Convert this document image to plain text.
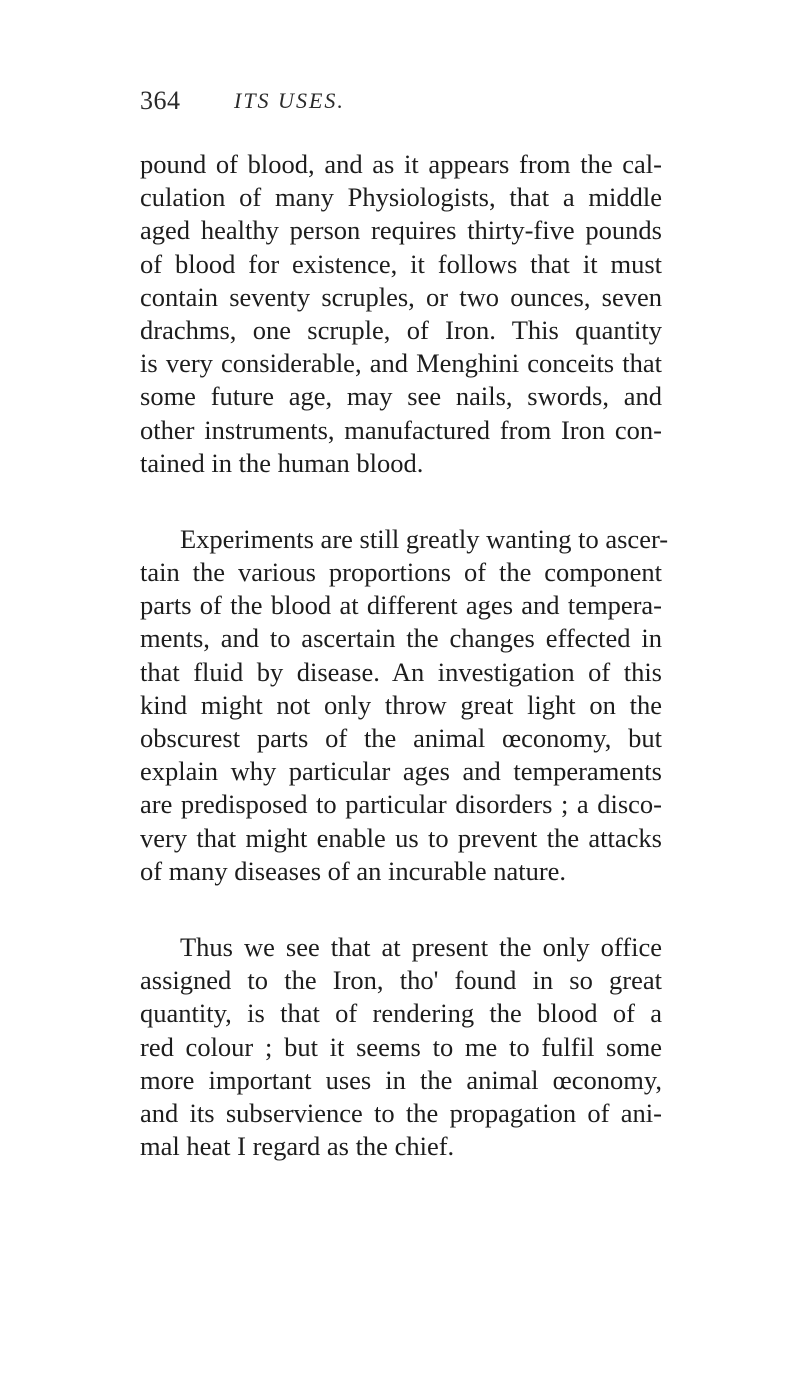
364 ITS USES.
pound of blood, and as it appears from the cal-
culation of many Physiologists, that a middle
aged healthy person requires thirty-five pounds
of blood for existence, it follows that it must
contain seventy scruples, or two ounces, seven
drachms, one scruple, of Iron. This quantity
is very considerable, and Menghini conceits that
some future age, may see nails, swords, and
other instruments, manufactured from Iron con-
tained in the human blood.
Experiments are still greatly wanting to ascer-
tain the various proportions of the component
parts of the blood at different ages and tempera-
ments, and to ascertain the changes effected in
that fluid by disease. An investigation of this
kind might not only throw great light on the
obscurest parts of the animal œconomy, but
explain why particular ages and temperaments
are predisposed to particular disorders ; a disco-
very that might enable us to prevent the attacks
of many diseases of an incurable nature.
Thus we see that at present the only office
assigned to the Iron, tho' found in so great
quantity, is that of rendering the blood of a
red colour ; but it seems to me to fulfil some
more important uses in the animal œconomy,
and its subservience to the propagation of ani-
mal heat I regard as the chief.
